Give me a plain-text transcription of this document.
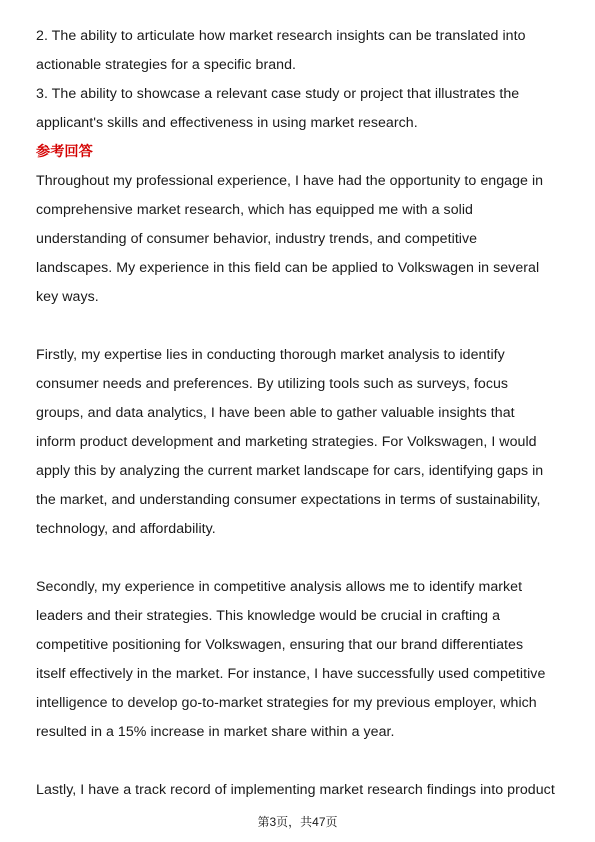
2. The ability to articulate how market research insights can be translated into
actionable strategies for a specific brand.
3. The ability to showcase a relevant case study or project that illustrates the
applicant's skills and effectiveness in using market research.
参考回答
Throughout my professional experience, I have had the opportunity to engage in
comprehensive market research, which has equipped me with a solid
understanding of consumer behavior, industry trends, and competitive
landscapes. My experience in this field can be applied to Volkswagen in several
key ways.
Firstly, my expertise lies in conducting thorough market analysis to identify
consumer needs and preferences. By utilizing tools such as surveys, focus
groups, and data analytics, I have been able to gather valuable insights that
inform product development and marketing strategies. For Volkswagen, I would
apply this by analyzing the current market landscape for cars, identifying gaps in
the market, and understanding consumer expectations in terms of sustainability,
technology, and affordability.
Secondly, my experience in competitive analysis allows me to identify market
leaders and their strategies. This knowledge would be crucial in crafting a
competitive positioning for Volkswagen, ensuring that our brand differentiates
itself effectively in the market. For instance, I have successfully used competitive
intelligence to develop go-to-market strategies for my previous employer, which
resulted in a 15% increase in market share within a year.
Lastly, I have a track record of implementing market research findings into product
第3页，共47页
